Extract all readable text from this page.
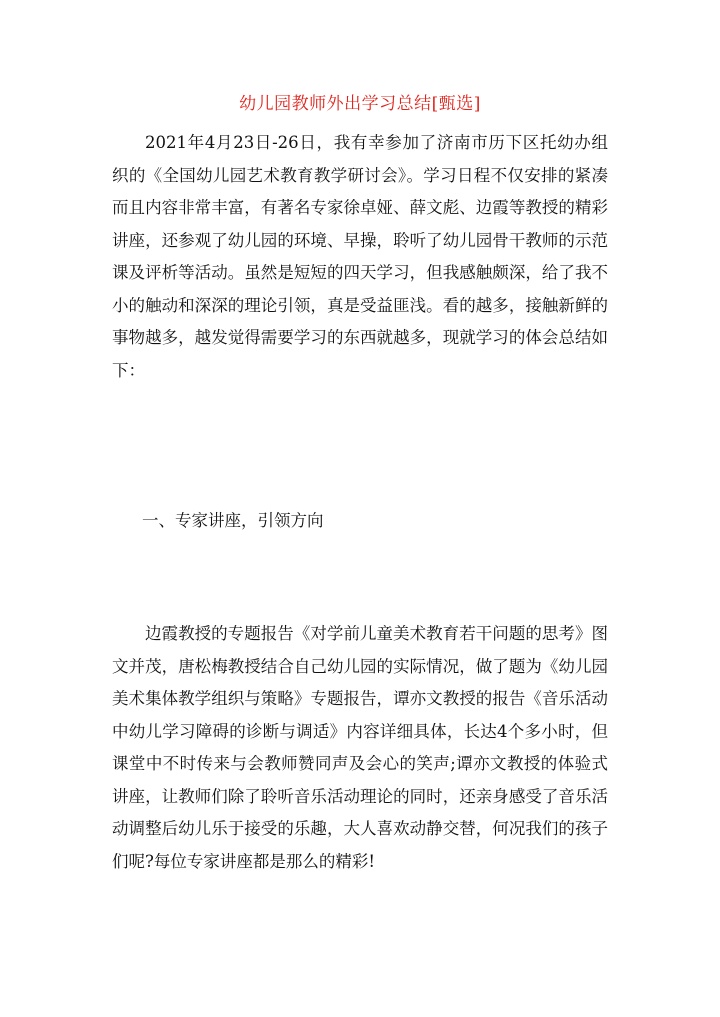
幼儿园教师外出学习总结[甄选]

2021年4月23日-26日，我有幸参加了济南市历下区托幼办组织的《全国幼儿园艺术教育教学研讨会》。学习日程不仅安排的紧凑而且内容非常丰富，有著名专家徐卓娅、薛文彪、边霞等教授的精彩讲座，还参观了幼儿园的环境、早操，聆听了幼儿园骨干教师的示范课及评析等活动。虽然是短短的四天学习，但我感触颇深，给了我不小的触动和深深的理论引领，真是受益匪浅。看的越多，接触新鲜的事物越多，越发觉得需要学习的东西就越多，现就学习的体会总结如下：

一、专家讲座，引领方向

边霞教授的专题报告《对学前儿童美术教育若干问题的思考》图文并茂，唐松梅教授结合自己幼儿园的实际情况，做了题为《幼儿园美术集体教学组织与策略》专题报告，谭亦文教授的报告《音乐活动中幼儿学习障碍的诊断与调适》内容详细具体，长达4个多小时，但课堂中不时传来与会教师赞同声及会心的笑声;谭亦文教授的体验式讲座，让教师们除了聆听音乐活动理论的同时，还亲身感受了音乐活动调整后幼儿乐于接受的乐趣，大人喜欢动静交替，何况我们的孩子们呢?每位专家讲座都是那么的精彩!
